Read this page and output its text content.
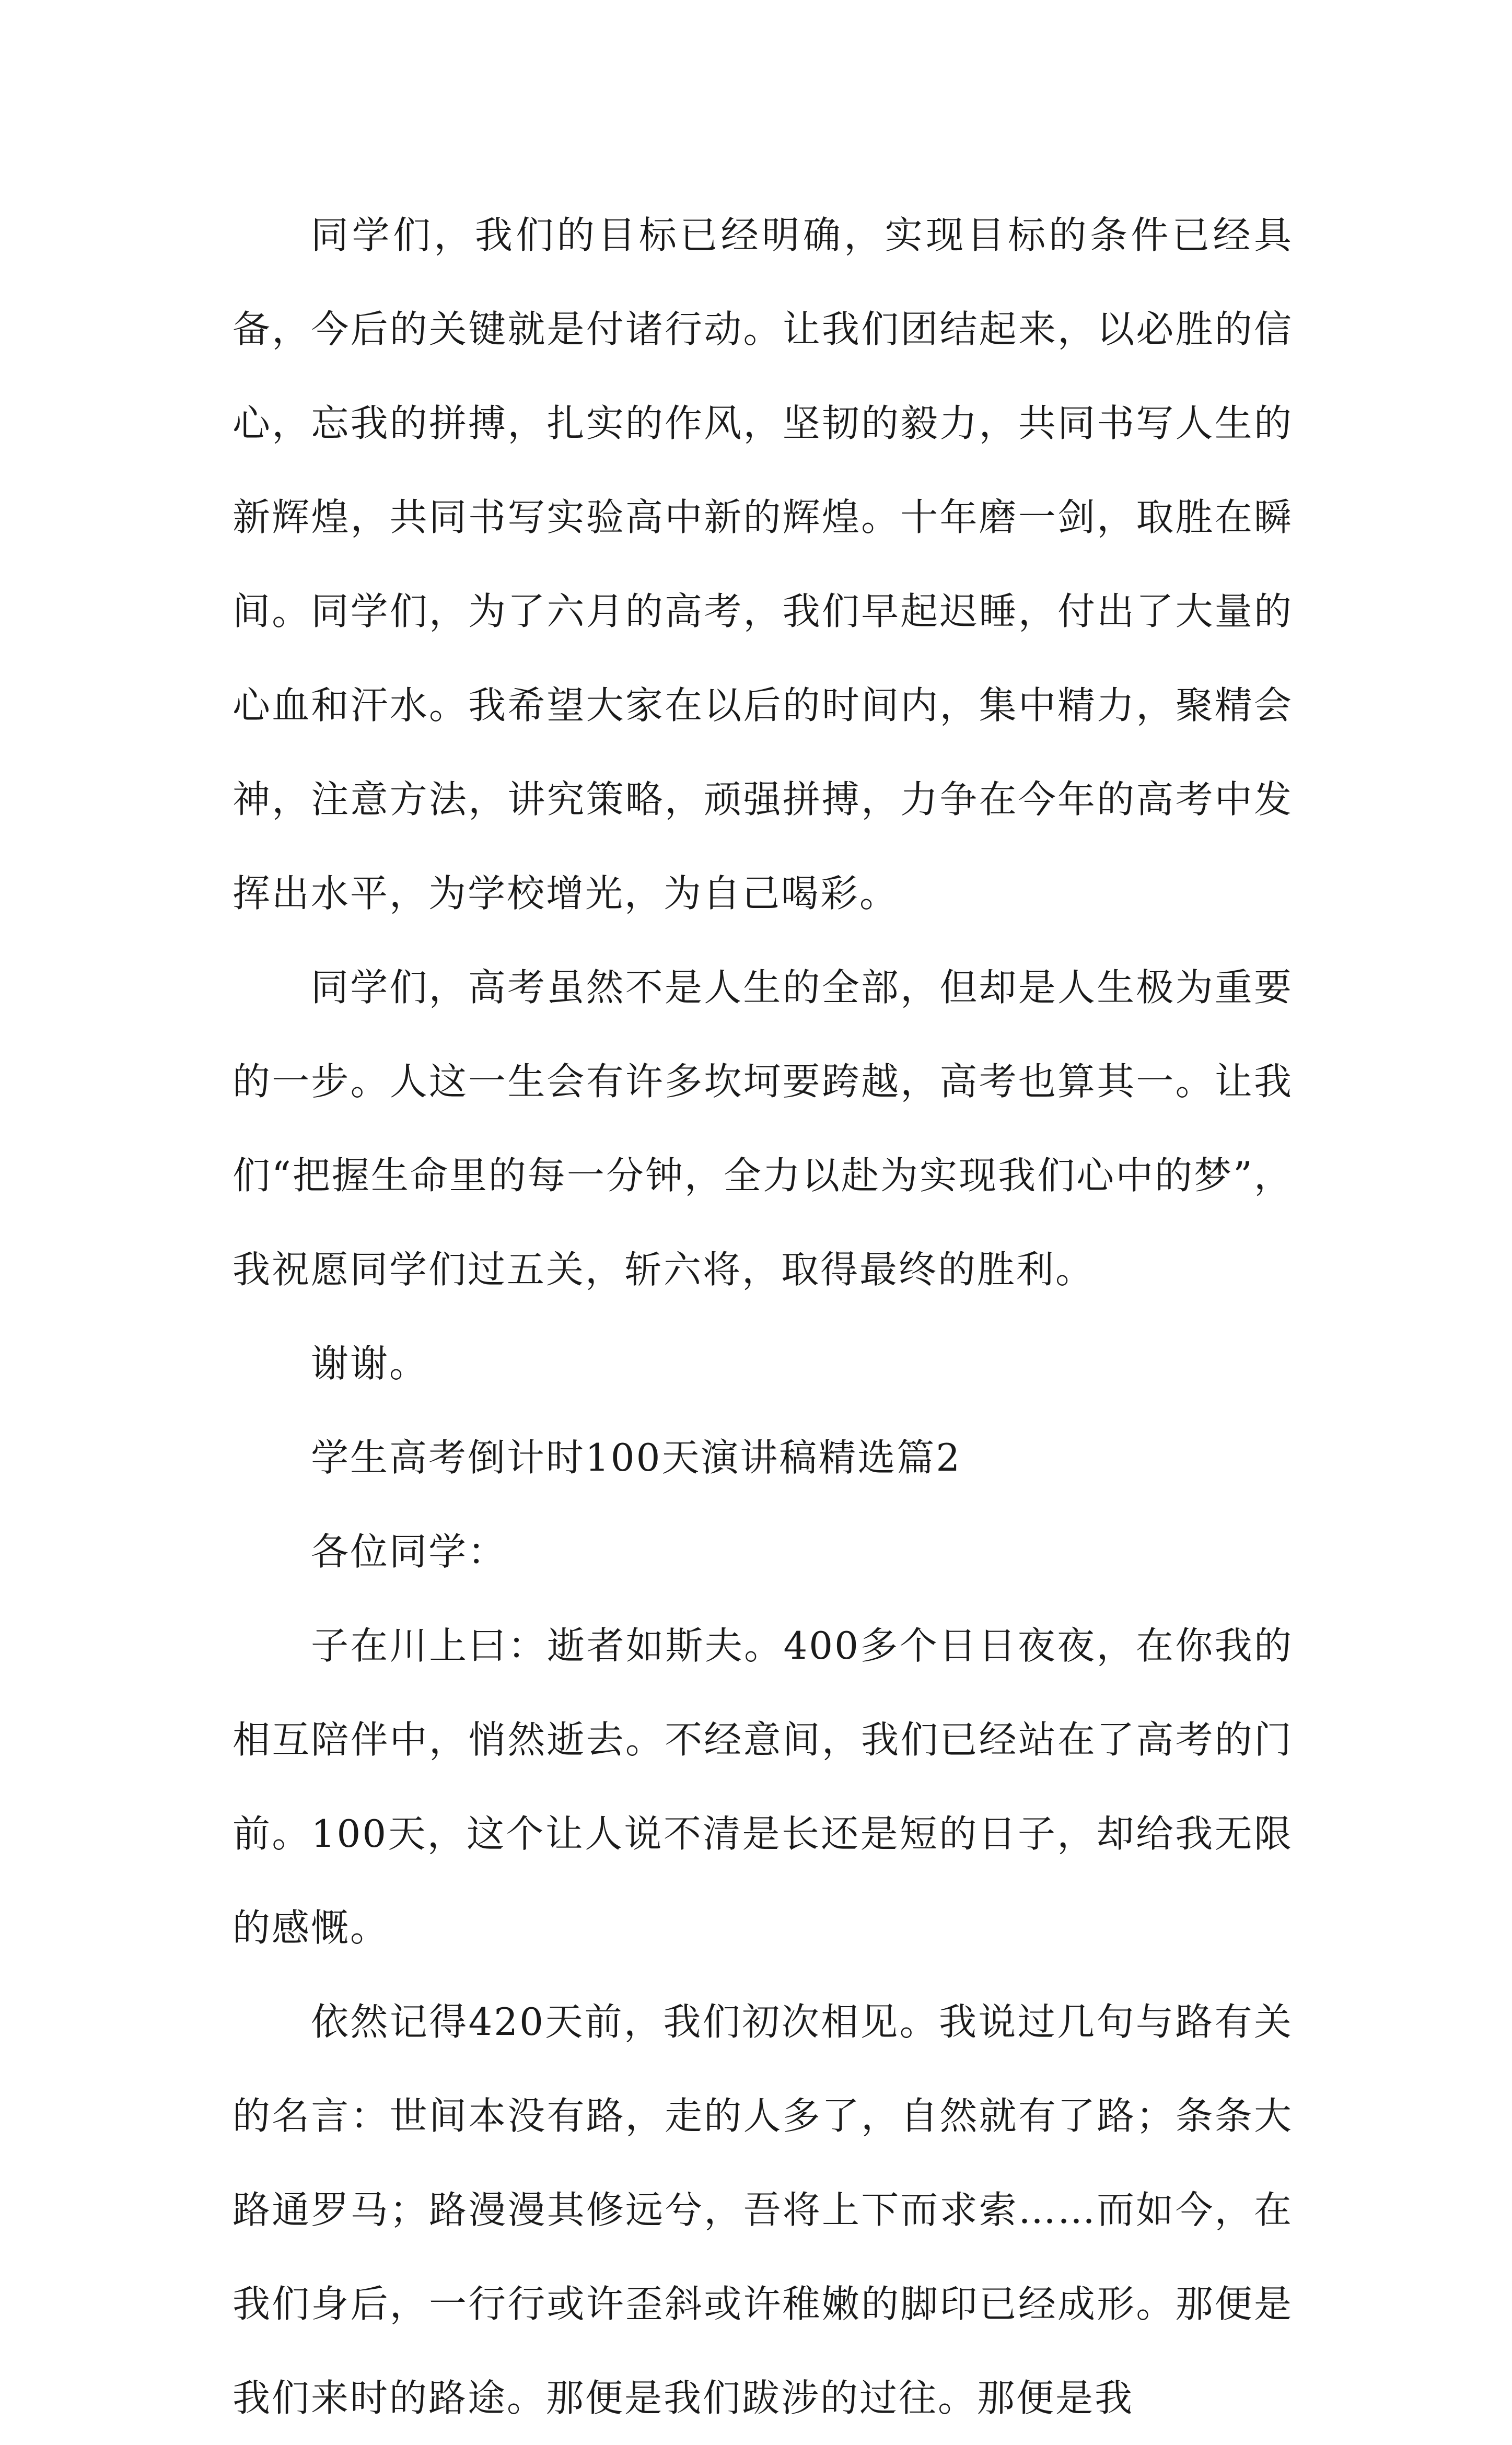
同学们，我们的目标已经明确，实现目标的条件已经具备，今后的关键就是付诸行动。让我们团结起来，以必胜的信心，忘我的拼搏，扎实的作风，坚韧的毅力，共同书写人生的新辉煌，共同书写实验高中新的辉煌。十年磨一剑，取胜在瞬间。同学们，为了六月的高考，我们早起迟睡，付出了大量的心血和汗水。我希望大家在以后的时间内，集中精力，聚精会神，注意方法，讲究策略，顽强拼搏，力争在今年的高考中发挥出水平，为学校增光，为自己喝彩。

同学们，高考虽然不是人生的全部，但却是人生极为重要的一步。人这一生会有许多坎坷要跨越，高考也算其一。让我们“把握生命里的每一分钟，全力以赴为实现我们心中的梦”，我祝愿同学们过五关，斩六将，取得最终的胜利。

谢谢。

学生高考倒计时100天演讲稿精选篇2

各位同学：

子在川上曰：逝者如斯夫。400多个日日夜夜，在你我的相互陪伴中，悄然逝去。不经意间，我们已经站在了高考的门前。100天，这个让人说不清是长还是短的日子，却给我无限的感慨。

依然记得420天前，我们初次相见。我说过几句与路有关的名言：世间本没有路，走的人多了，自然就有了路；条条大路通罗马；路漫漫其修远兮，吾将上下而求索……而如今，在我们身后，一行行或许歪斜或许稚嫩的脚印已经成形。那便是我们来时的路途。那便是我们跋涉的过往。那便是我
